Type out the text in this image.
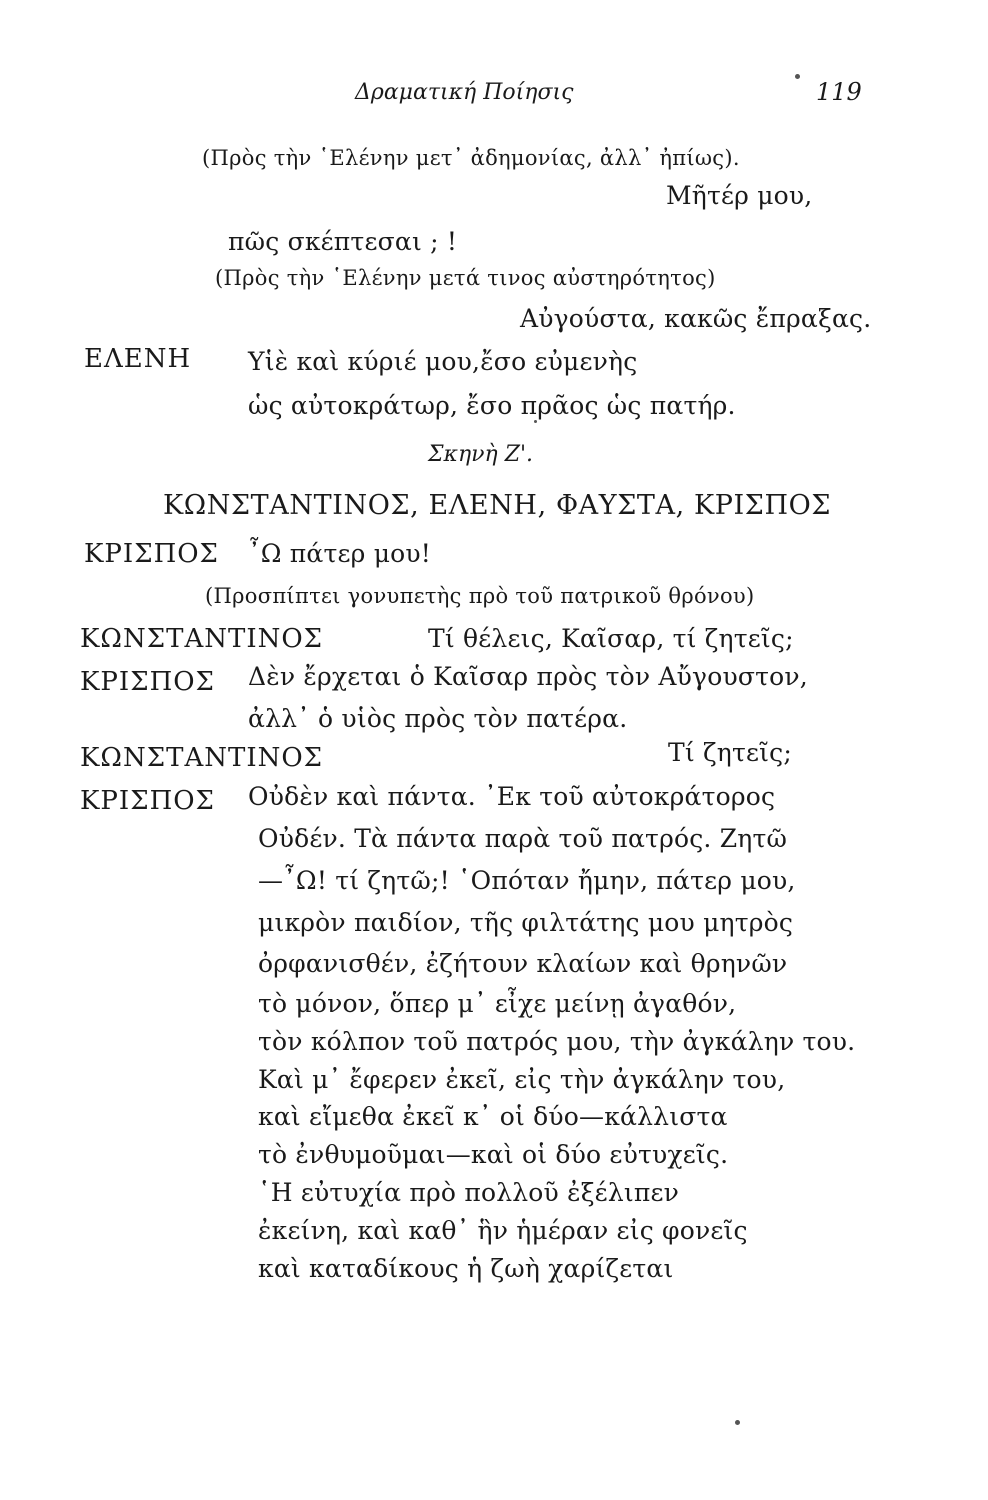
Δραματική Ποίησις	119
(Πρὸς τὴν ῾Ελένην μετ᾿ ἀδημονίας, ἀλλ᾿ ἠπίως).
Μῆτέρ μου,
πῶς σκέπτεσαι ; !
(Πρὸς τὴν ῾Ελένην μετά τινος αὐστηρότητος)
Αὐγούστα, κακῶς ἔπραξας.
ΕΛΕΝΗ Υἱὲ καὶ κύριέ μου,ἔσο εὐμενὴς
ὡς αὐτοκράτωρ, ἔσο πρᾶος ὡς πατήρ.
Σκηνὴ Ζ'.
ΚΩΝΣΤΑΝΤΙΝΟΣ, ΕΛΕΝΗ, ΦΑΥΣΤΑ, ΚΡΙΣΠΟΣ
ΚΡΙΣΠΟΣ ῏Ω πάτερ μου!
(Προσπίπτει γονυπετὴς πρὸ τοῦ πατρικοῦ θρόνου)
ΚΩΝΣΤΑΝΤΙΝΟΣ	Τί θέλεις, Καῖσαρ, τί ζητεῖς;
ΚΡΙΣΠΟΣ Δὲν ἔρχεται ὁ Καῖσαρ πρὸς τὸν Αὔγουστον,
ἀλλ᾿ ὁ υἱὸς πρὸς τὸν πατέρα.
ΚΩΝΣΤΑΝΤΙΝΟΣ	Τί ζητεῖς;
ΚΡΙΣΠΟΣ Οὐδὲν καὶ πάντα. ᾿Εκ τοῦ αὐτοκράτορος
Οὐδέν. Τὰ πάντα παρὰ τοῦ πατρός. Ζητῶ
—῏Ω! τί ζητῶ;! ῾Οπόταν ἤμην, πάτερ μου,
μικρὸν παιδίον, τῆς φιλτάτης μου μητρὸς
ὀρφανισθέν, ἐζήτουν κλαίων καὶ θρηνῶν
τὸ μόνον, ὅπερ μ᾿ εἶχε μείνῃ ἀγαθόν,
τὸν κόλπον τοῦ πατρός μου, τὴν ἀγκάλην του.
Καὶ μ᾿ ἔφερεν ἐκεῖ, εἰς τὴν ἀγκάλην του,
καὶ εἴμεθα ἐκεῖ κ᾿ οἱ δύο—κάλλιστα
τὸ ἐνθυμοῦμαι—καὶ οἱ δύο εὐτυχεῖς.
῾Η εὐτυχία πρὸ πολλοῦ ἐξέλιπεν
ἐκείνη, καὶ καθ᾿ ἣν ἡμέραν εἰς φονεῖς
καὶ καταδίκους ἡ ζωὴ χαρίζεται
